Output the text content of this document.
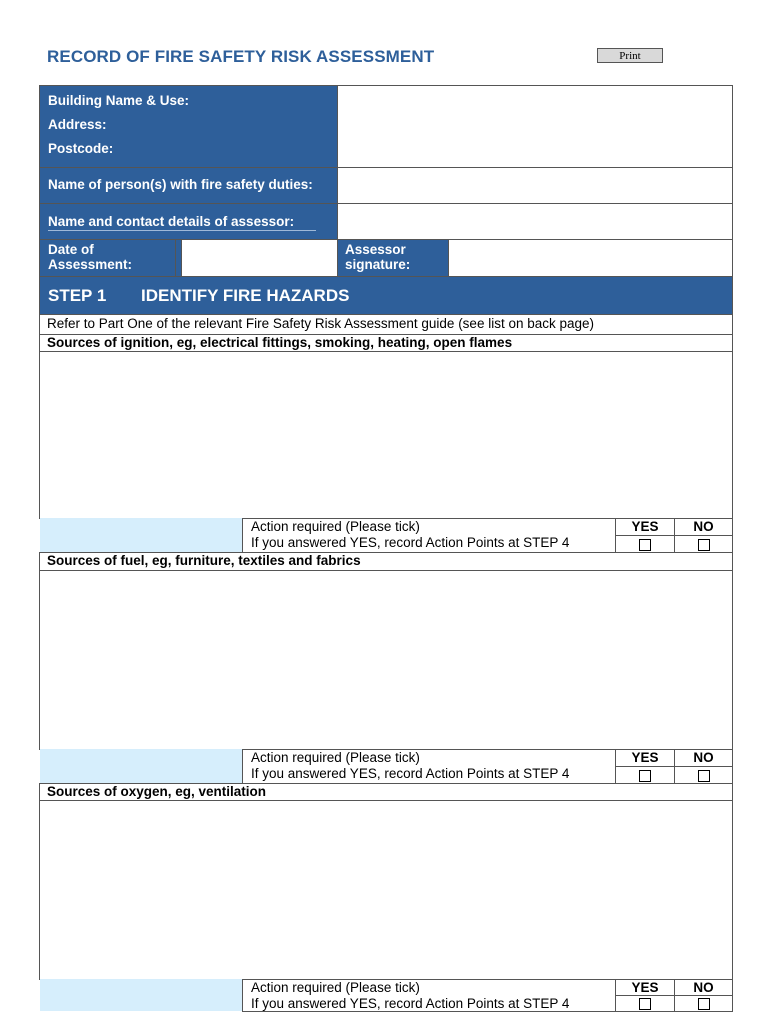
RECORD OF FIRE SAFETY RISK ASSESSMENT	Print
Building Name & Use:
Address:
Postcode:
Name of person(s) with fire safety duties:
Name and contact details of assessor:
Date of
Assessment:
Assessor
signature:
STEP 1 IDENTIFY FIRE HAZARDS
Refer to Part One of the relevant Fire Safety Risk Assessment guide (see list on back page)
Sources of ignition, eg, electrical fittings, smoking, heating, open flames
Action required (Please tick)
If you answered YES, record Action Points at STEP 4
YES	NO
Sources of fuel, eg, furniture, textiles and fabrics
Action required (Please tick)
If you answered YES, record Action Points at STEP 4
YES	NO
Sources of oxygen, eg, ventilation
Action required (Please tick)
If you answered YES, record Action Points at STEP 4
YES	NO
